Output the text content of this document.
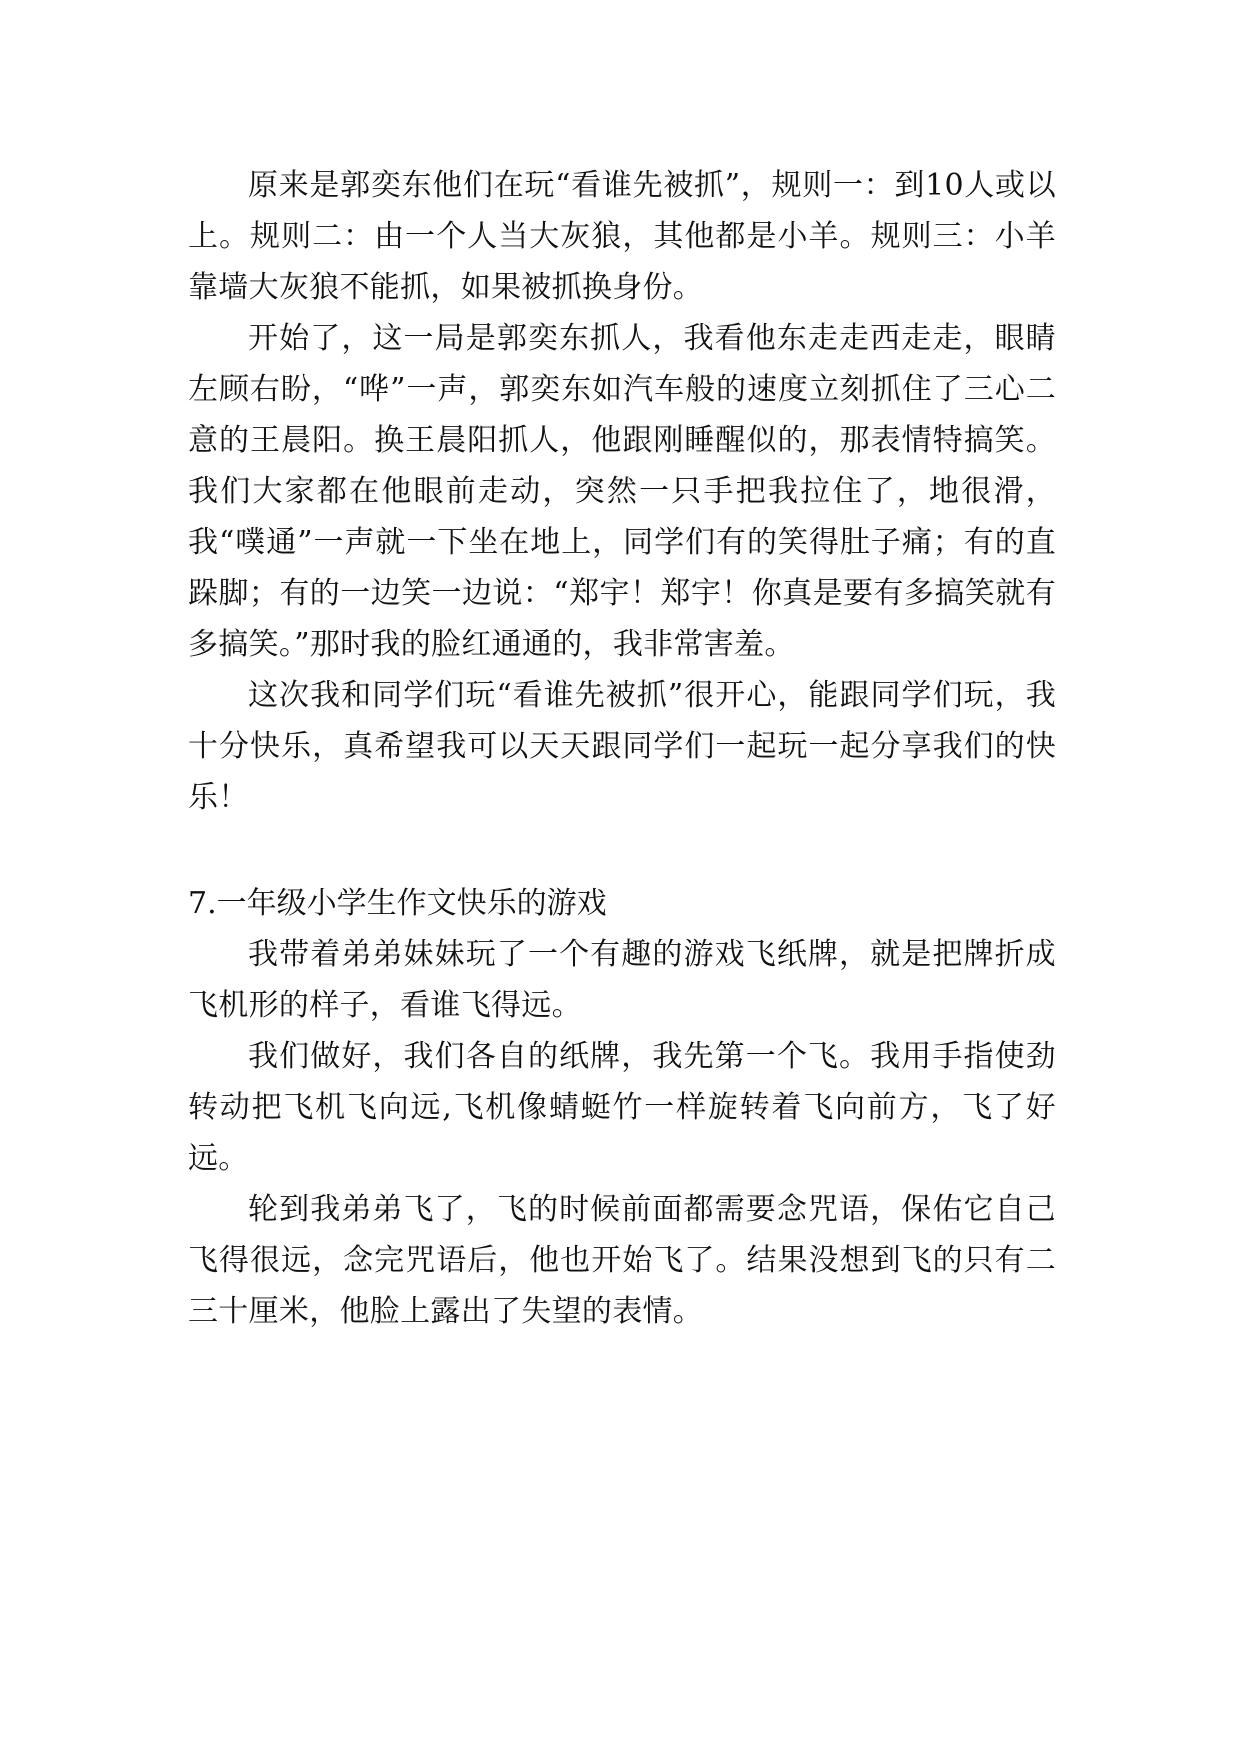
原来是郭奕东他们在玩“看谁先被抓”，规则一：到10人或以上。规则二：由一个人当大灰狼，其他都是小羊。规则三：小羊靠墙大灰狼不能抓，如果被抓换身份。

开始了，这一局是郭奕东抓人，我看他东走走西走走，眼睛左顾右盼，“哗”一声，郭奕东如汽车般的速度立刻抓住了三心二意的王晨阳。换王晨阳抓人，他跟刚睡醒似的，那表情特搞笑。我们大家都在他眼前走动，突然一只手把我拉住了，地很滑，我“噗通”一声就一下坐在地上，同学们有的笑得肚子痛；有的直跺脚；有的一边笑一边说：“郑宇！郑宇！你真是要有多搞笑就有多搞笑。”那时我的脸红通通的，我非常害羞。

这次我和同学们玩“看谁先被抓”很开心，能跟同学们玩，我十分快乐，真希望我可以天天跟同学们一起玩一起分享我们的快乐！

7.一年级小学生作文快乐的游戏

我带着弟弟妹妹玩了一个有趣的游戏飞纸牌，就是把牌折成飞机形的样子，看谁飞得远。

我们做好，我们各自的纸牌，我先第一个飞。我用手指使劲转动把飞机飞向远,飞机像蜻蜓竹一样旋转着飞向前方，飞了好远。

轮到我弟弟飞了，飞的时候前面都需要念咒语，保佑它自己飞得很远，念完咒语后，他也开始飞了。结果没想到飞的只有二三十厘米，他脸上露出了失望的表情。
